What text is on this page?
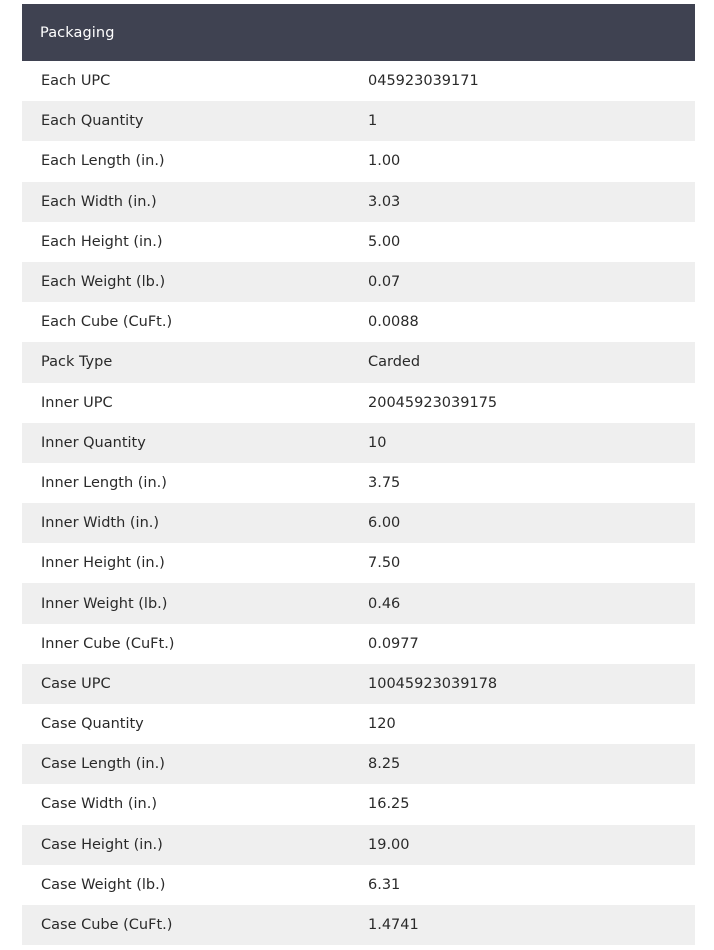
Packaging
Each UPC	045923039171
Each Quantity	1
Each Length (in.)	1.00
Each Width (in.)	3.03
Each Height (in.)	5.00
Each Weight (lb.)	0.07
Each Cube (CuFt.)	0.0088
Pack Type	Carded
Inner UPC	20045923039175
Inner Quantity	10
Inner Length (in.)	3.75
Inner Width (in.)	6.00
Inner Height (in.)	7.50
Inner Weight (lb.)	0.46
Inner Cube (CuFt.)	0.0977
Case UPC	10045923039178
Case Quantity	120
Case Length (in.)	8.25
Case Width (in.)	16.25
Case Height (in.)	19.00
Case Weight (lb.)	6.31
Case Cube (CuFt.)	1.4741
